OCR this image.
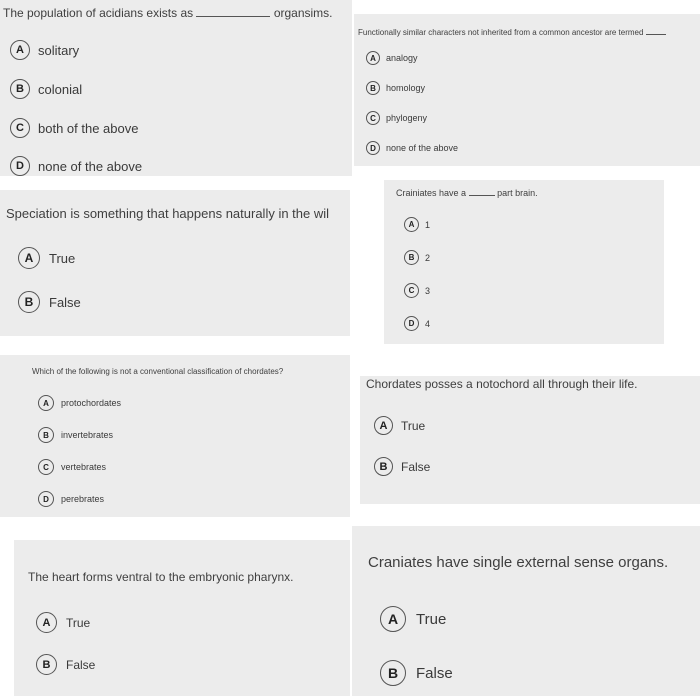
The population of acidians exists as	organsims.
A	solitary
B	colonial
C	both of the above
D	none of the above
Functionally similar characters not inherited from a common ancestor are termed
A	analogy
B	homology
C	phylogeny
D	none of the above
Speciation is something that happens naturally in the wil
A	True
B	False
Crainiates have a	part brain.
A	1
B	2
C	3
D	4
Which of the following is not a conventional classification of chordates?
A	protochordates
B	invertebrates
C	vertebrates
D	perebrates
Chordates posses a notochord all through their life.
A	True
B	False
The heart forms ventral to the embryonic pharynx.
A	True
B	False
Craniates have single external sense organs.
A	True
B	False
